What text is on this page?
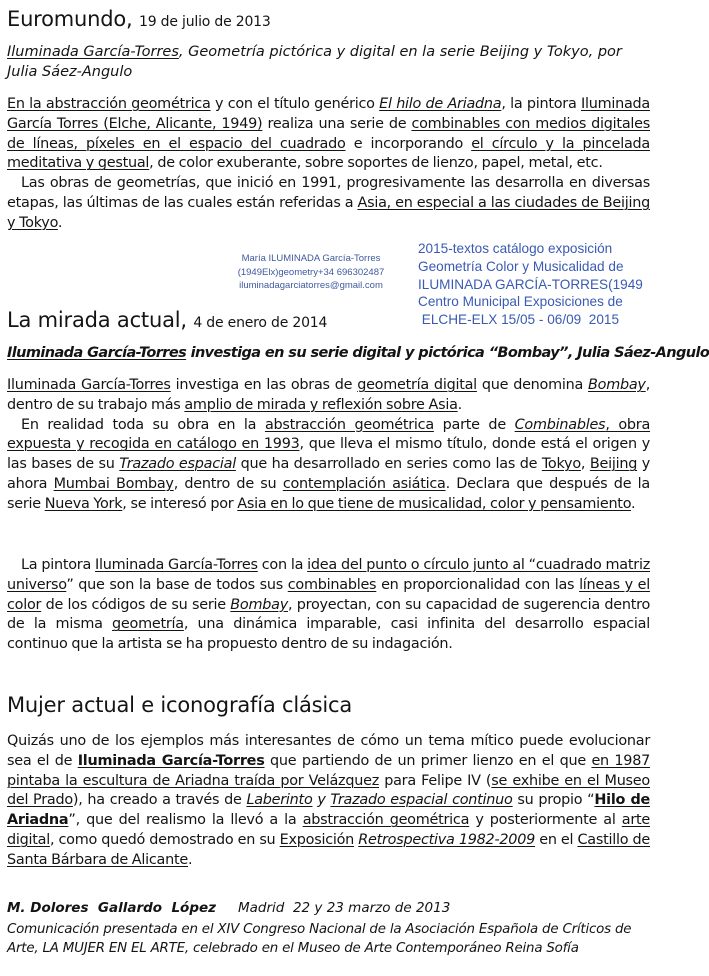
Euromundo, 19 de julio de 2013
Iluminada García-Torres, Geometría pictórica y digital en la serie Beijing y Tokyo, por Julia Sáez-Angulo

En la abstracción geométrica y con el título genérico El hilo de Ariadna, la pintora Iluminada García Torres (Elche, Alicante, 1949) realiza una serie de combinables con medios digitales de líneas, píxeles en el espacio del cuadrado e incorporando el círculo y la pincelada meditativa y gestual, de color exuberante, sobre soportes de lienzo, papel, metal, etc.

Las obras de geometrías, que inició en 1991, progresivamente las desarrolla en diversas etapas, las últimas de las cuales están referidas a Asia, en especial a las ciudades de Beijing y Tokyo.

María ILUMINADA García-Torres
(1949Elx)geometry+34 696302487
iluminadagarciatorres@gmail.com
2015-textos catálogo exposición
Geometría Color y Musicalidad de
ILUMINADA GARCÍA-TORRES(1949
Centro Municipal Exposiciones de
ELCHE-ELX 15/05 - 06/09  2015
La mirada actual, 4 de enero de 2014
Iluminada García-Torres investiga en su serie digital y pictórica “Bombay”, Julia Sáez-Angulo

Iluminada García-Torres investiga en las obras de geometría digital que denomina Bombay, dentro de su trabajo más amplio de mirada y reflexión sobre Asia.

En realidad toda su obra en la abstracción geométrica parte de Combinables, obra expuesta y recogida en catálogo en 1993, que lleva el mismo título, donde está el origen y las bases de su Trazado espacial que ha desarrollado en series como las de Tokyo, Beijing y ahora Mumbai Bombay, dentro de su contemplación asiática. Declara que después de la serie Nueva York, se interesó por Asia en lo que tiene de musicalidad, color y pensamiento.

La pintora Iluminada García-Torres con la idea del punto o círculo junto al “cuadrado matriz universo” que son la base de todos sus combinables en proporcionalidad con las líneas y el color de los códigos de su serie Bombay, proyectan, con su capacidad de sugerencia dentro de la misma geometría, una dinámica imparable, casi infinita del desarrollo espacial continuo que la artista se ha propuesto dentro de su indagación.

Mujer actual e iconografía clásica

Quizás uno de los ejemplos más interesantes de cómo un tema mítico puede evolucionar sea el de Iluminada García-Torres que partiendo de un primer lienzo en el que en 1987 pintaba la escultura de Ariadna traída por Velázquez para Felipe IV (se exhibe en el Museo del Prado), ha creado a través de Laberinto y Trazado espacial continuo su propio “Hilo de Ariadna”, que del realismo la llevó a la abstracción geométrica y posteriormente al arte digital, como quedó demostrado en su Exposición Retrospectiva 1982-2009 en el Castillo de Santa Bárbara de Alicante.

M. Dolores  Gallardo  López Madrid  22 y 23 marzo de 2013
Comunicación presentada en el XIV Congreso Nacional de la Asociación Española de Críticos de Arte, LA MUJER EN EL ARTE, celebrado en el Museo de Arte Contemporáneo Reina Sofía
